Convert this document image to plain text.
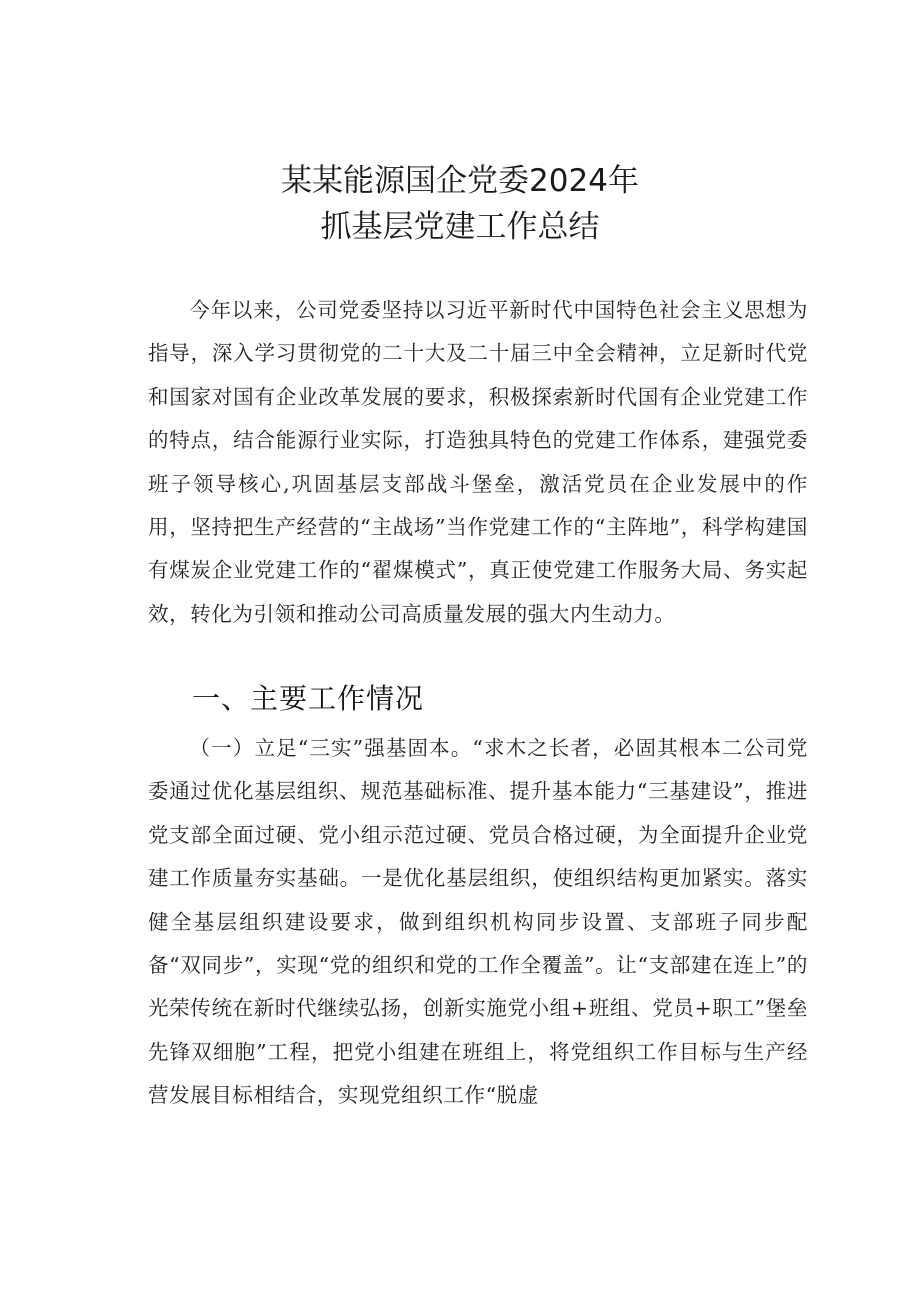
某某能源国企党委2024年
抓基层党建工作总结
今年以来，公司党委坚持以习近平新时代中国特色社会主义思想为指导，深入学习贯彻党的二十大及二十届三中全会精神，立足新时代党和国家对国有企业改革发展的要求，积极探索新时代国有企业党建工作的特点，结合能源行业实际，打造独具特色的党建工作体系，建强党委班子领导核心,巩固基层支部战斗堡垒，激活党员在企业发展中的作用，坚持把生产经营的“主战场”当作党建工作的“主阵地”，科学构建国有煤炭企业党建工作的“翟煤模式”，真正使党建工作服务大局、务实起效，转化为引领和推动公司高质量发展的强大内生动力。
一、主要工作情况
（一）立足“三实”强基固本。“求木之长者，必固其根本二公司党委通过优化基层组织、规范基础标准、提升基本能力“三基建设”，推进党支部全面过硬、党小组示范过硬、党员合格过硬，为全面提升企业党建工作质量夯实基础。一是优化基层组织，使组织结构更加紧实。落实健全基层组织建设要求，做到组织机构同步设置、支部班子同步配备“双同步”，实现“党的组织和党的工作全覆盖”。让“支部建在连上”的光荣传统在新时代继续弘扬，创新实施党小组+班组、党员+职工”堡垒先锋双细胞”工程，把党小组建在班组上，将党组织工作目标与生产经营发展目标相结合，实现党组织工作“脱虚
